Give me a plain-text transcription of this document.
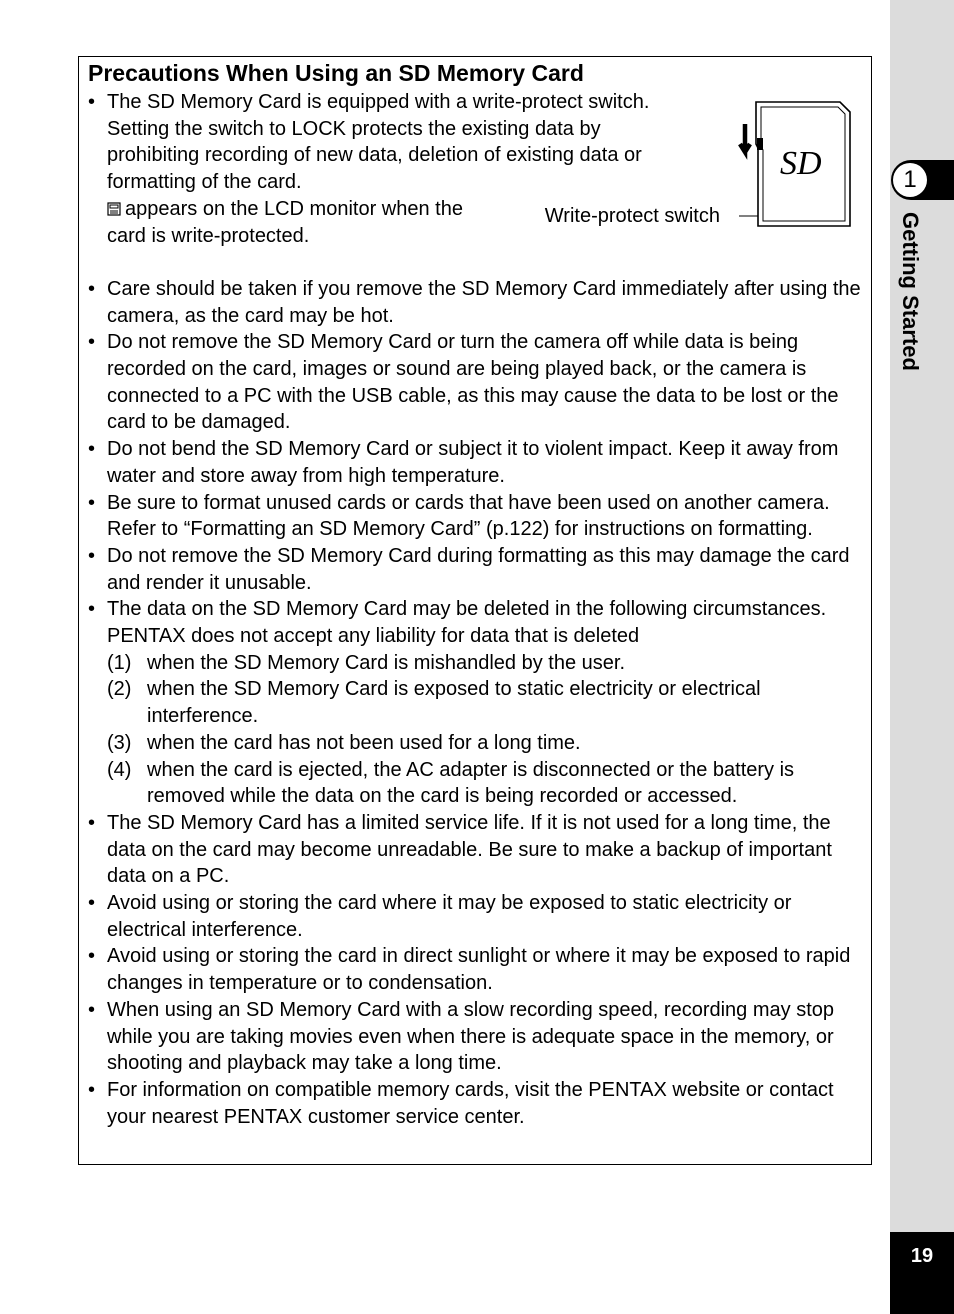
1
Getting Started
19
Precautions When Using an SD Memory Card
• The SD Memory Card is equipped with a write-protect switch. Setting the switch to LOCK protects the existing data by prohibiting recording of new data, deletion of existing data or formatting of the card.
appears on the LCD monitor when the card is write-protected.
• Care should be taken if you remove the SD Memory Card immediately after using the camera, as the card may be hot.
• Do not remove the SD Memory Card or turn the camera off while data is being recorded on the card, images or sound are being played back, or the camera is connected to a PC with the USB cable, as this may cause the data to be lost or the card to be damaged.
• Do not bend the SD Memory Card or subject it to violent impact. Keep it away from water and store away from high temperature.
• Be sure to format unused cards or cards that have been used on another camera. Refer to “Formatting an SD Memory Card” (p.122) for instructions on formatting.
• Do not remove the SD Memory Card during formatting as this may damage the card and render it unusable.
• The data on the SD Memory Card may be deleted in the following circumstances. PENTAX does not accept any liability for data that is deleted
(1) when the SD Memory Card is mishandled by the user.
(2) when the SD Memory Card is exposed to static electricity or electrical interference.
(3) when the card has not been used for a long time.
(4) when the card is ejected, the AC adapter is disconnected or the battery is removed while the data on the card is being recorded or accessed.
• The SD Memory Card has a limited service life. If it is not used for a long time, the data on the card may become unreadable. Be sure to make a backup of important data on a PC.
• Avoid using or storing the card where it may be exposed to static electricity or electrical interference.
• Avoid using or storing the card in direct sunlight or where it may be exposed to rapid changes in temperature or to condensation.
• When using an SD Memory Card with a slow recording speed, recording may stop while you are taking movies even when there is adequate space in the memory, or shooting and playback may take a long time.
• For information on compatible memory cards, visit the PENTAX website or contact your nearest PENTAX customer service center.
SD
Write-protect switch
